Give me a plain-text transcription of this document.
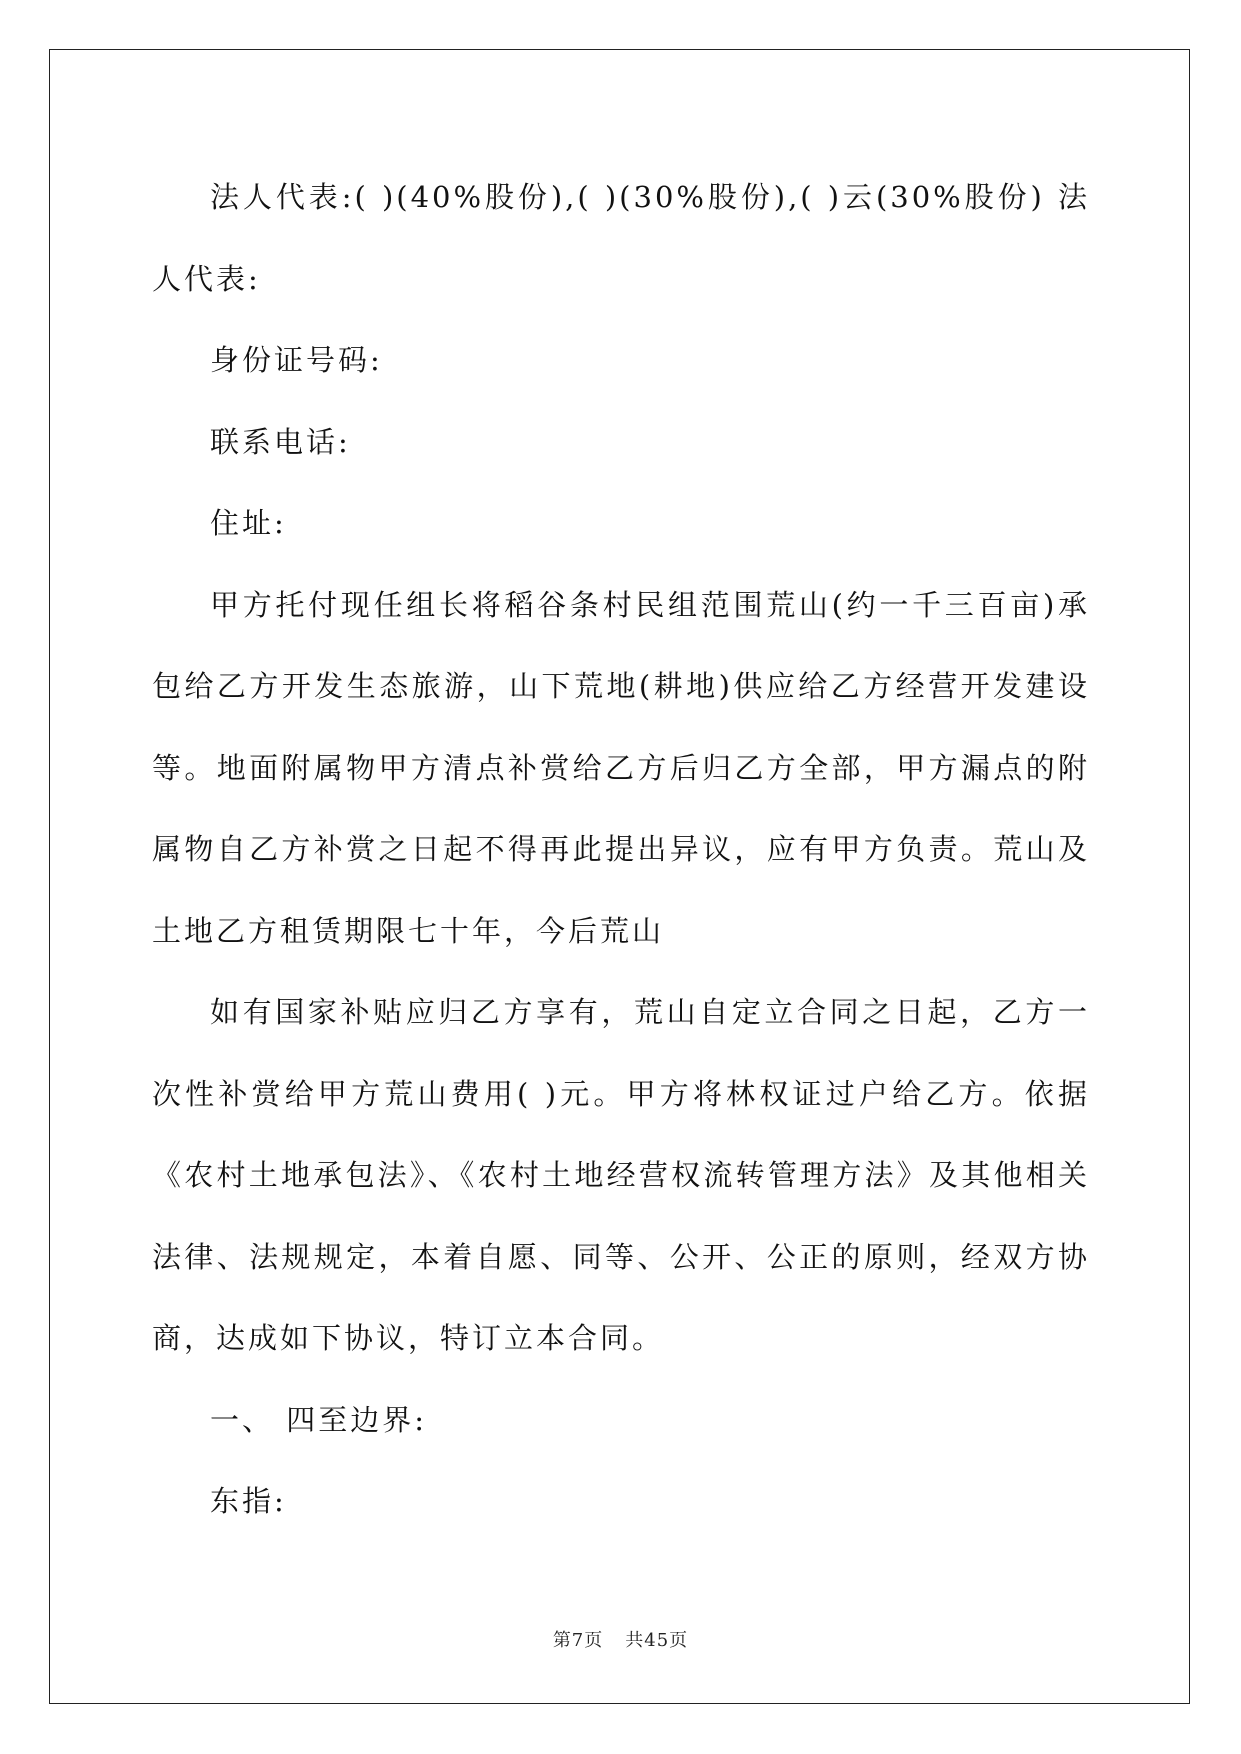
法人代表:( )(40%股份),( )(30%股份),( )云(30%股份) 法人代表:

身份证号码:

联系电话:

住址:

甲方托付现任组长将稻谷条村民组范围荒山(约一千三百亩)承包给乙方开发生态旅游，山下荒地(耕地)供应给乙方经营开发建设等。地面附属物甲方清点补赏给乙方后归乙方全部，甲方漏点的附属物自乙方补赏之日起不得再此提出异议，应有甲方负责。荒山及土地乙方租赁期限七十年，今后荒山

如有国家补贴应归乙方享有，荒山自定立合同之日起，乙方一次性补赏给甲方荒山费用( )元。甲方将林权证过户给乙方。依据《农村土地承包法》、《农村土地经营权流转管理方法》及其他相关法律、法规规定，本着自愿、同等、公开、公正的原则，经双方协商，达成如下协议，特订立本合同。

一、 四至边界:

东指:

第7页 共45页
